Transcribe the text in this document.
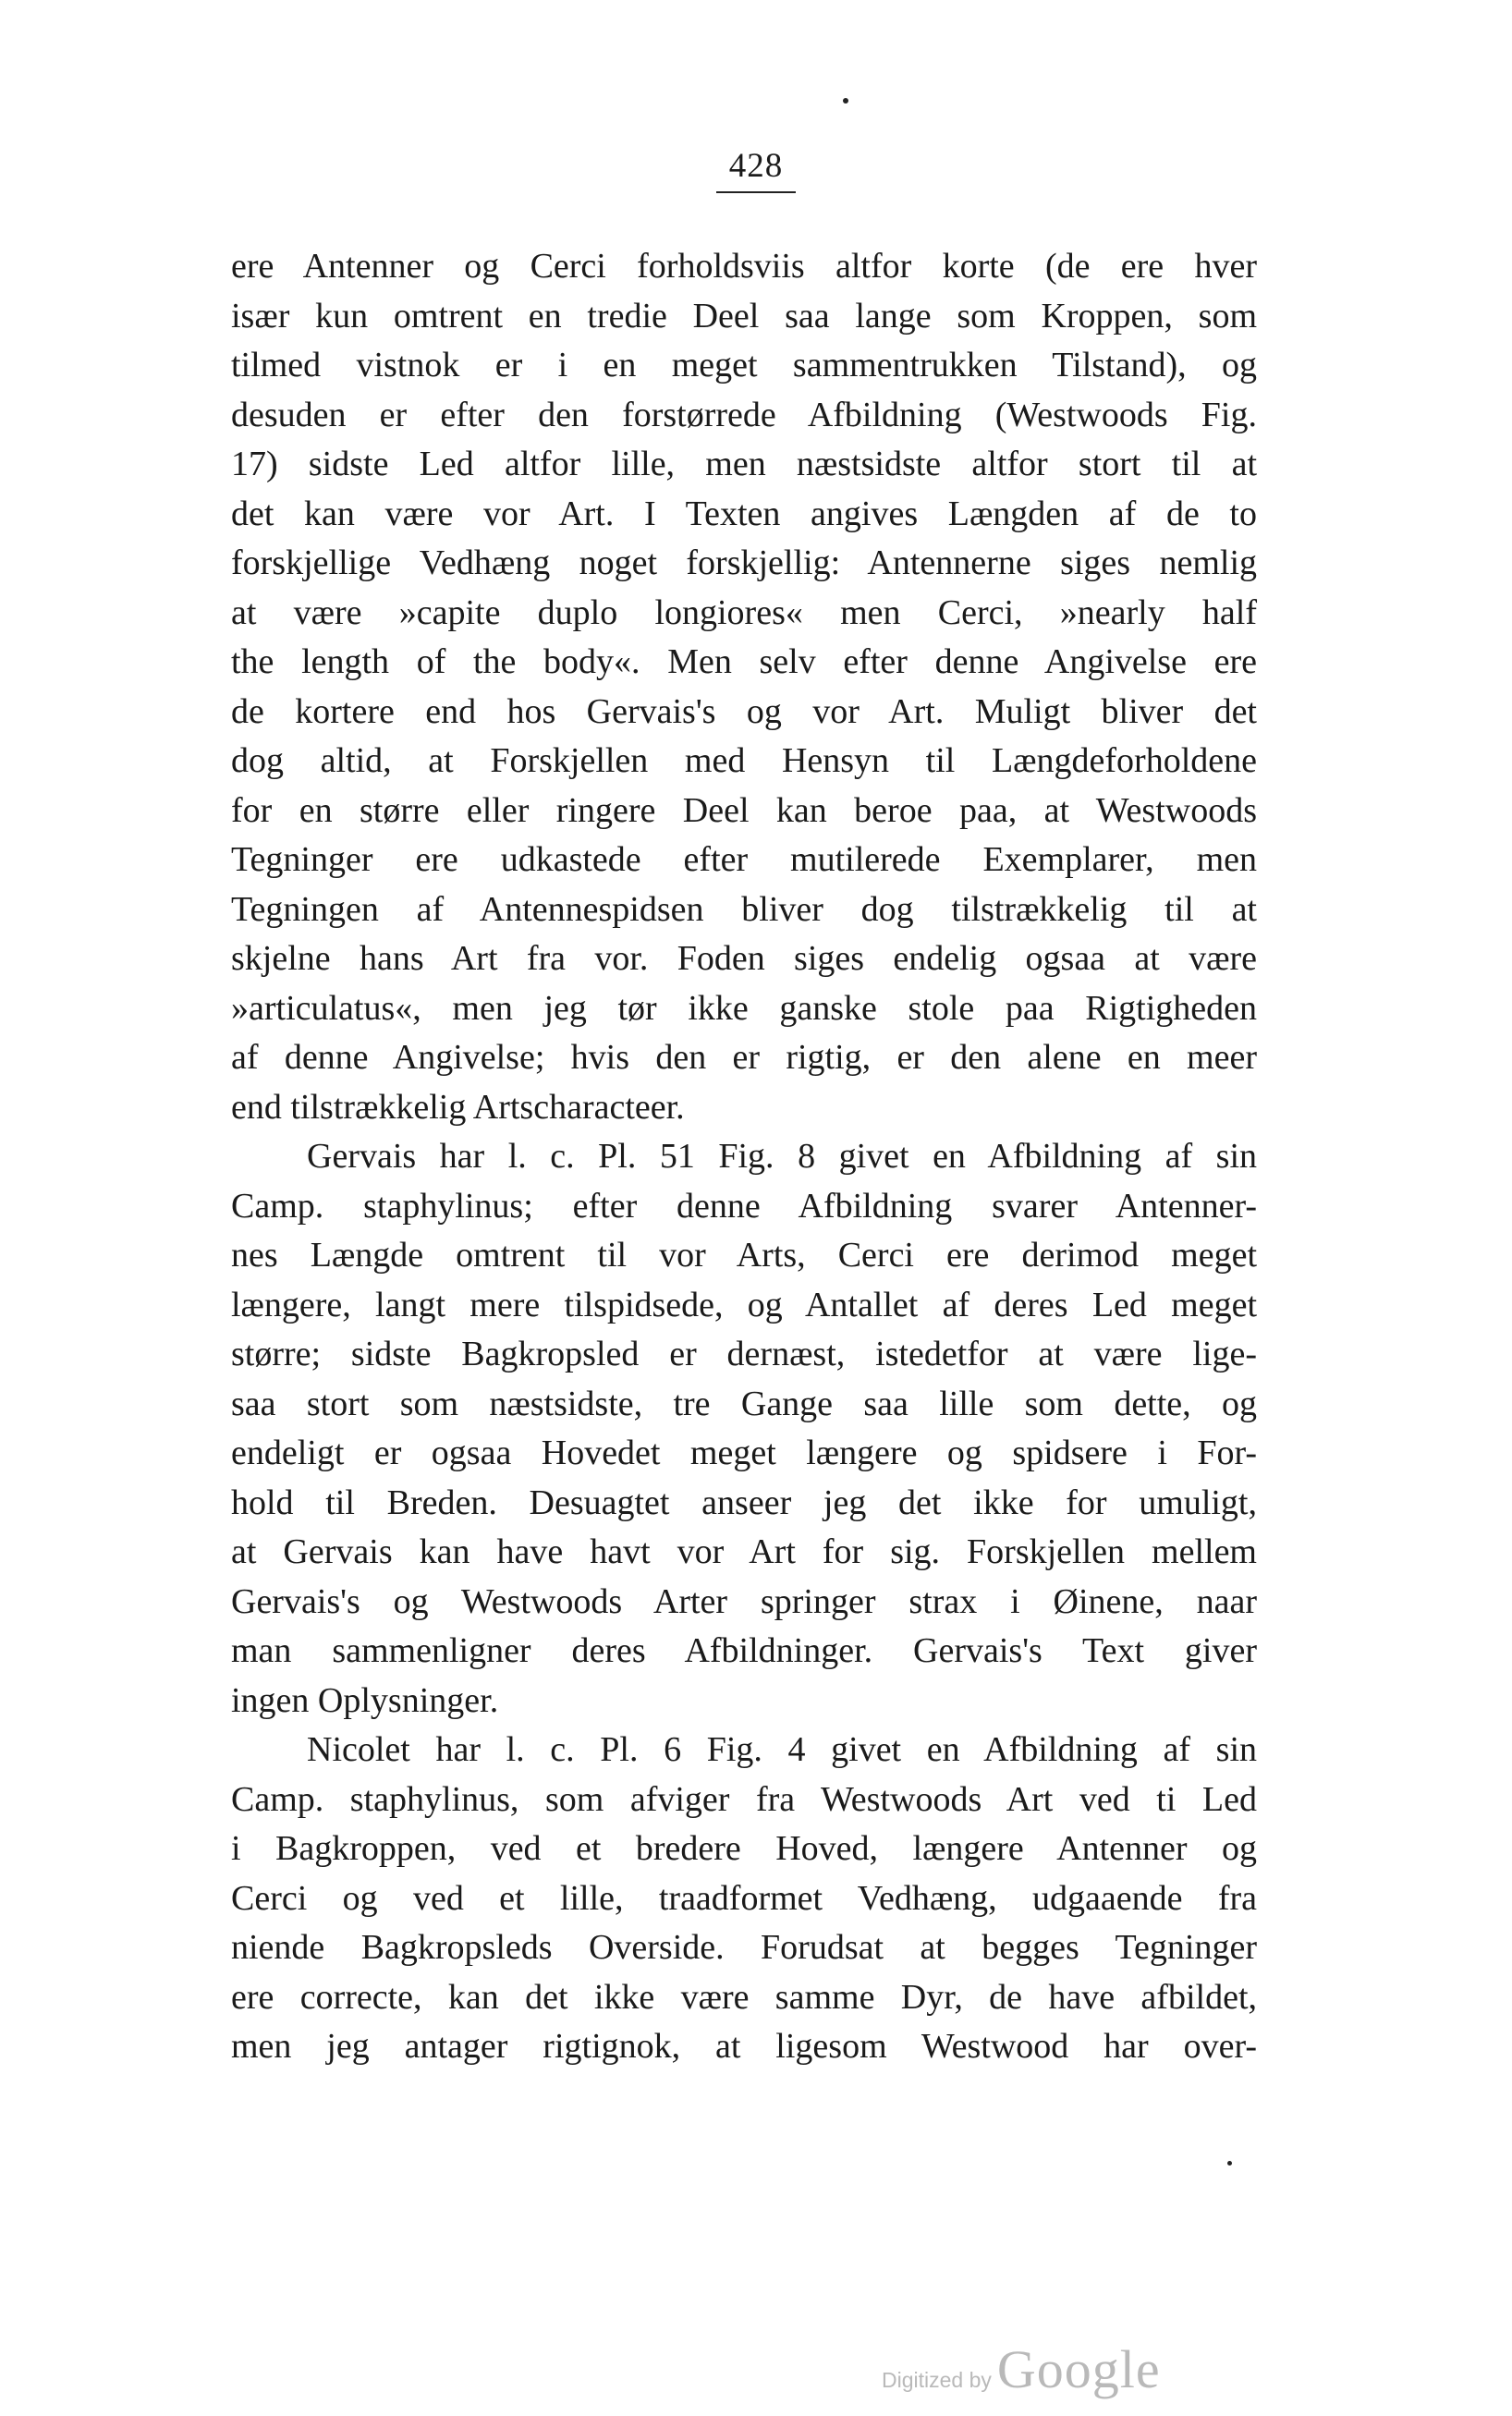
428
ere Antenner og Cerci forholdsviis altfor korte (de ere hver
især kun omtrent en tredie Deel saa lange som Kroppen, som
tilmed vistnok er i en meget sammentrukken Tilstand), og
desuden er efter den forstørrede Afbildning (Westwoods Fig.
17) sidste Led altfor lille, men næstsidste altfor stort til at
det kan være vor Art. I Texten angives Længden af de to
forskjellige Vedhæng noget forskjellig: Antennerne siges nemlig
at være »capite duplo longiores« men Cerci, »nearly half
the length of the body«. Men selv efter denne Angivelse ere
de kortere end hos Gervais's og vor Art. Muligt bliver det
dog altid, at Forskjellen med Hensyn til Længdeforholdene
for en større eller ringere Deel kan beroe paa, at Westwoods
Tegninger ere udkastede efter mutilerede Exemplarer, men
Tegningen af Antennespidsen bliver dog tilstrækkelig til at
skjelne hans Art fra vor. Foden siges endelig ogsaa at være
»articulatus«, men jeg tør ikke ganske stole paa Rigtigheden
af denne Angivelse; hvis den er rigtig, er den alene en meer
end tilstrækkelig Artscharacteer.
Gervais har l. c. Pl. 51 Fig. 8 givet en Afbildning af sin
Camp. staphylinus; efter denne Afbildning svarer Antenner-
nes Længde omtrent til vor Arts, Cerci ere derimod meget
længere, langt mere tilspidsede, og Antallet af deres Led meget
større; sidste Bagkropsled er dernæst, istedetfor at være lige-
saa stort som næstsidste, tre Gange saa lille som dette, og
endeligt er ogsaa Hovedet meget længere og spidsere i For-
hold til Breden. Desuagtet anseer jeg det ikke for umuligt,
at Gervais kan have havt vor Art for sig. Forskjellen mellem
Gervais's og Westwoods Arter springer strax i Øinene, naar
man sammenligner deres Afbildninger. Gervais's Text giver
ingen Oplysninger.
Nicolet har l. c. Pl. 6 Fig. 4 givet en Afbildning af sin
Camp. staphylinus, som afviger fra Westwoods Art ved ti Led
i Bagkroppen, ved et bredere Hoved, længere Antenner og
Cerci og ved et lille, traadformet Vedhæng, udgaaende fra
niende Bagkropsleds Overside. Forudsat at begges Tegninger
ere correcte, kan det ikke være samme Dyr, de have afbildet,
men jeg antager rigtignok, at ligesom Westwood har over-
Digitized by Google
